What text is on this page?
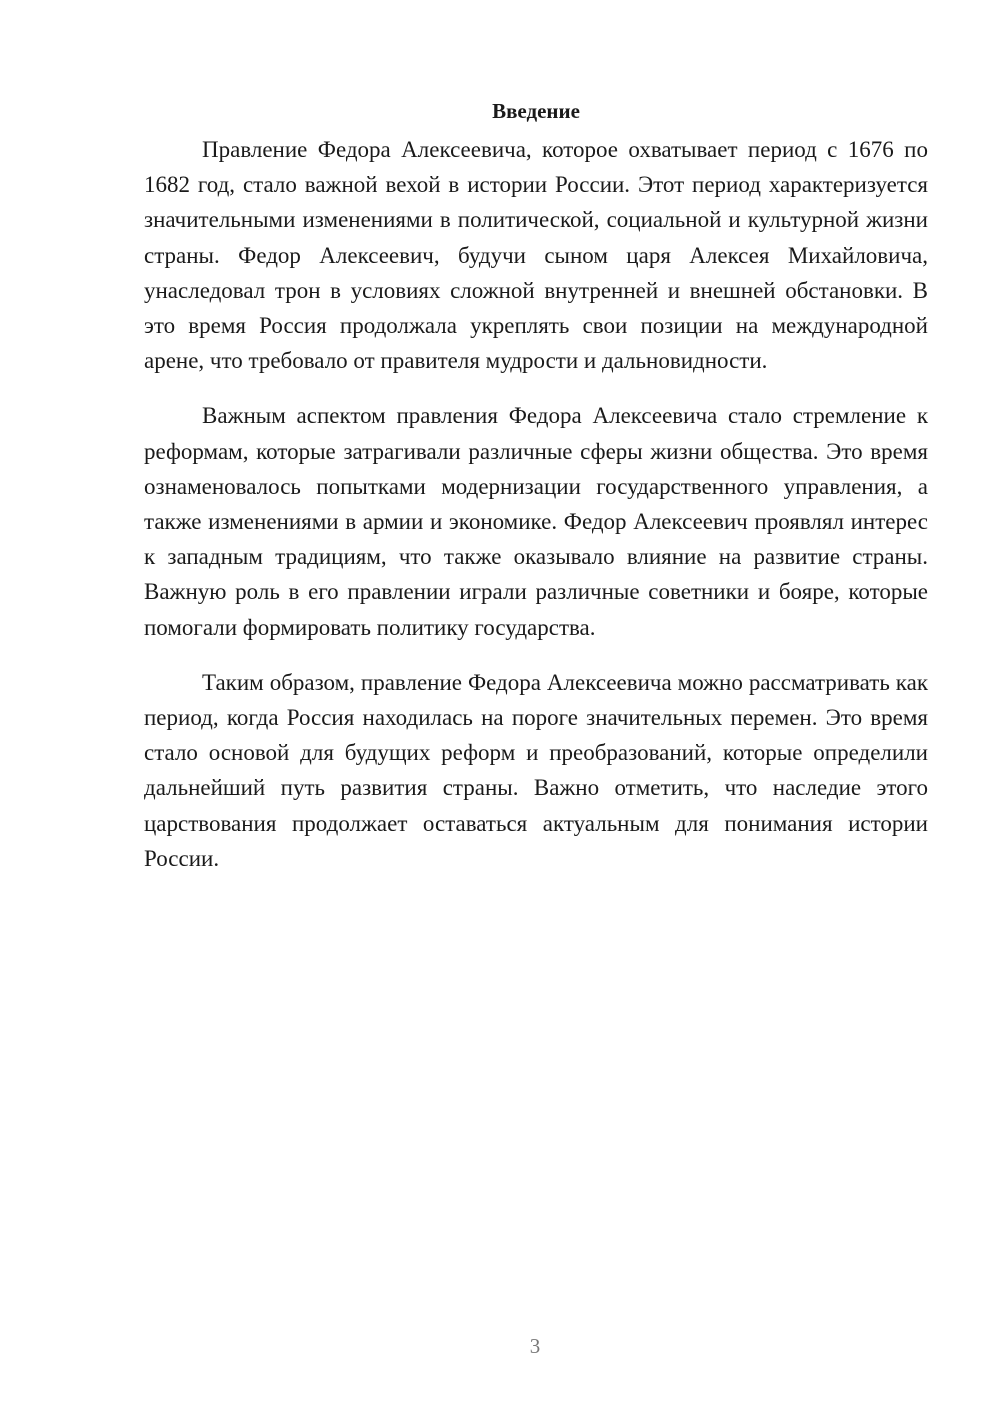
Введение

Правление Федора Алексеевича, которое охватывает период с 1676 по 1682 год, стало важной вехой в истории России. Этот период характеризуется значительными изменениями в политической, социальной и культурной жизни страны. Федор Алексеевич, будучи сыном царя Алексея Михайловича, унаследовал трон в условиях сложной внутренней и внешней обстановки. В это время Россия продолжала укреплять свои позиции на международной арене, что требовало от правителя мудрости и дальновидности.

Важным аспектом правления Федора Алексеевича стало стремление к реформам, которые затрагивали различные сферы жизни общества. Это время ознаменовалось попытками модернизации государственного управления, а также изменениями в армии и экономике. Федор Алексеевич проявлял интерес к западным традициям, что также оказывало влияние на развитие страны. Важную роль в его правлении играли различные советники и бояре, которые помогали формировать политику государства.

Таким образом, правление Федора Алексеевича можно рассматривать как период, когда Россия находилась на пороге значительных перемен. Это время стало основой для будущих реформ и преобразований, которые определили дальнейший путь развития страны. Важно отметить, что наследие этого царствования продолжает оставаться актуальным для понимания истории России.

3
